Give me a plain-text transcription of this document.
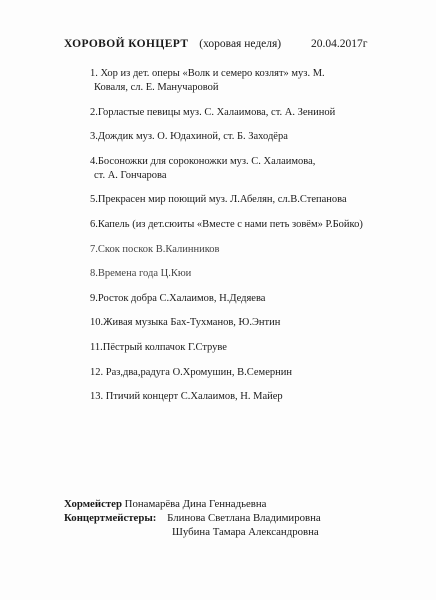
ХОРОВОЙ КОНЦЕРТ (хоровая неделя)	20.04.2017г
1. Хор из дет. оперы «Волк и семеро козлят» муз. М.
Коваля, сл. Е. Манучаровой
2.Горластые певицы муз. С. Халаимова, ст. А. Зениной
3.Дождик муз. О. Юдахиной, ст. Б. Заходёра
4.Босоножки для сороконожки муз. С. Халаимова,
ст. А. Гончарова
5.Прекрасен мир поющий муз. Л.Абелян, сл.В.Степанова
6.Капель (из дет.сюиты «Вместе с нами петь зовём» Р.Бойко)
7.Скок поскок В.Калинников
8.Времена года Ц.Кюи
9.Росток добра С.Халаимов, Н.Дедяева
10.Живая музыка Бах-Тухманов, Ю.Энтин
11.Пёстрый колпачок Г.Струве
12. Раз,два,радуга О.Хромушин, В.Семернин
13. Птичий концерт С.Халаимов, Н. Майер
Хормейстер Понамарёва Дина Геннадьевна
Концертмейстеры: Блинова Светлана Владимировна
Шубина Тамара Александровна
